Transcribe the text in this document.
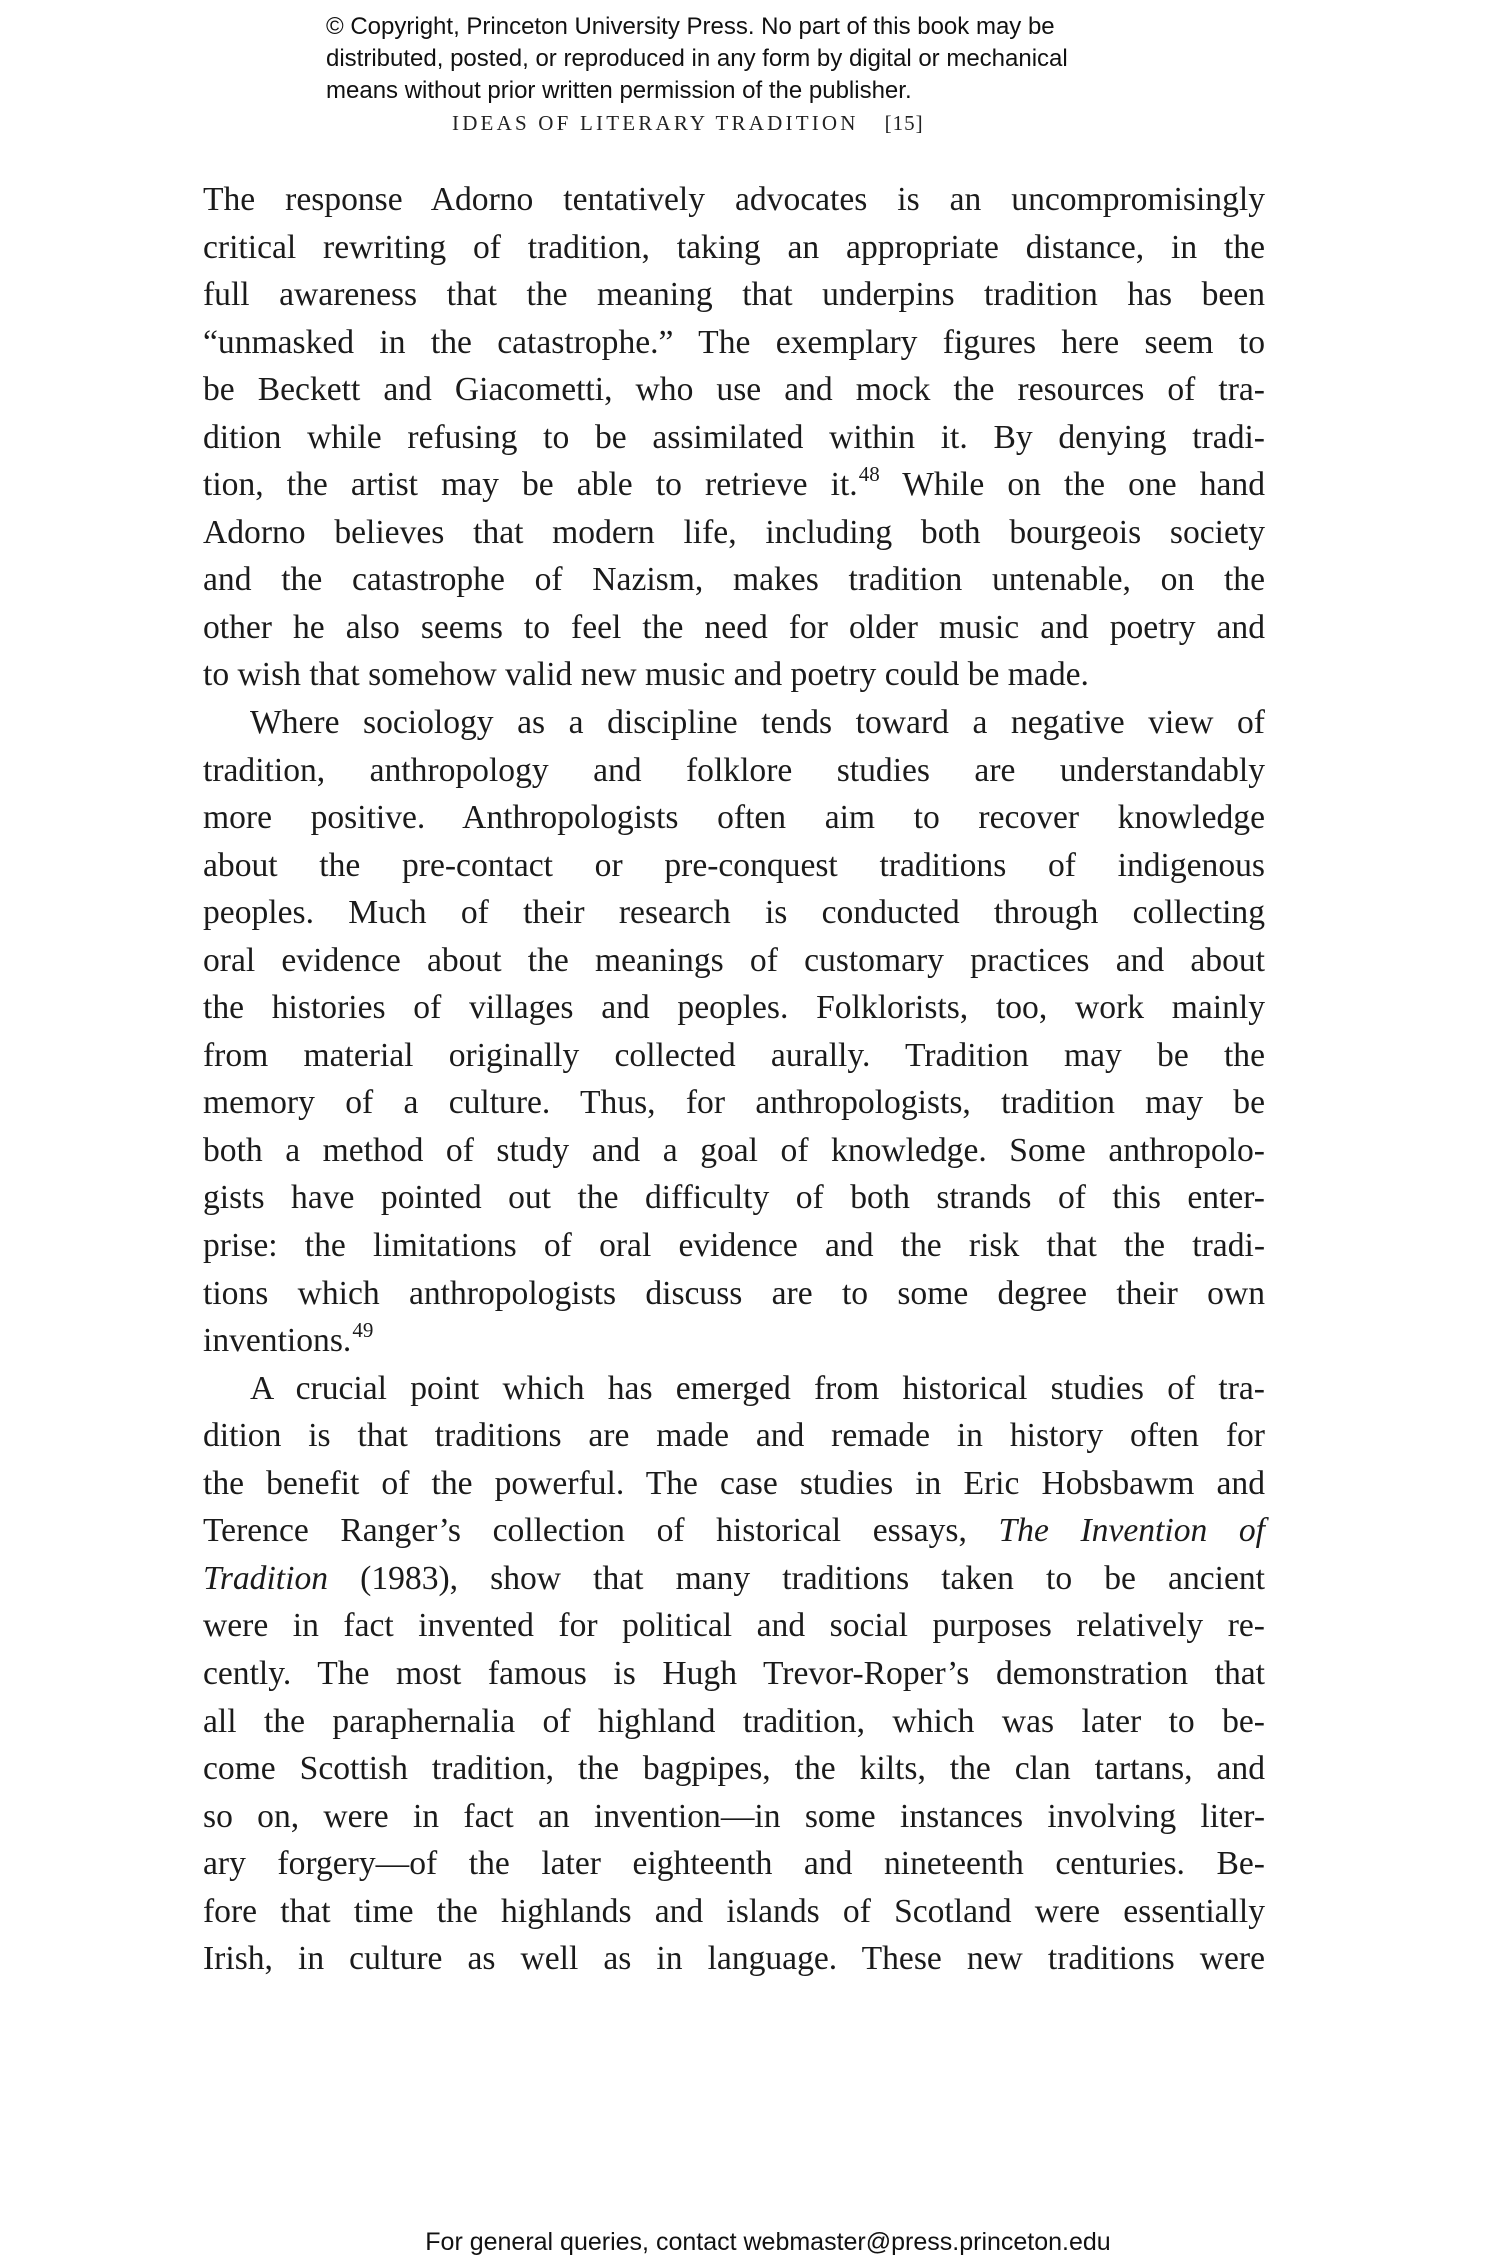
© Copyright, Princeton University Press. No part of this book may be
distributed, posted, or reproduced in any form by digital or mechanical
means without prior written permission of the publisher.
IDEAS OF LITERARY TRADITION [15]
The response Adorno tentatively advocates is an uncompromisingly
critical rewriting of tradition, taking an appropriate distance, in the
full awareness that the meaning that underpins tradition has been
“unmasked in the catastrophe.” The exemplary figures here seem to
be Beckett and Giacometti, who use and mock the resources of tra-
dition while refusing to be assimilated within it. By denying tradi-
tion, the artist may be able to retrieve it.$^{48}$ While on the one hand
Adorno believes that modern life, including both bourgeois society
and the catastrophe of Nazism, makes tradition untenable, on the
other he also seems to feel the need for older music and poetry and
to wish that somehow valid new music and poetry could be made.
Where sociology as a discipline tends toward a negative view of
tradition, anthropology and folklore studies are understandably
more positive. Anthropologists often aim to recover knowledge
about the pre-contact or pre-conquest traditions of indigenous
peoples. Much of their research is conducted through collecting
oral evidence about the meanings of customary practices and about
the histories of villages and peoples. Folklorists, too, work mainly
from material originally collected aurally. Tradition may be the
memory of a culture. Thus, for anthropologists, tradition may be
both a method of study and a goal of knowledge. Some anthropolo-
gists have pointed out the difficulty of both strands of this enter-
prise: the limitations of oral evidence and the risk that the tradi-
tions which anthropologists discuss are to some degree their own
inventions.$^{49}$
A crucial point which has emerged from historical studies of tra-
dition is that traditions are made and remade in history often for
the benefit of the powerful. The case studies in Eric Hobsbawm and
Terence Ranger’s collection of historical essays, The Invention of
Tradition (1983), show that many traditions taken to be ancient
were in fact invented for political and social purposes relatively re-
cently. The most famous is Hugh Trevor-Roper’s demonstration that
all the paraphernalia of highland tradition, which was later to be-
come Scottish tradition, the bagpipes, the kilts, the clan tartans, and
so on, were in fact an invention—in some instances involving liter-
ary forgery—of the later eighteenth and nineteenth centuries. Be-
fore that time the highlands and islands of Scotland were essentially
Irish, in culture as well as in language. These new traditions were
For general queries, contact webmaster@press.princeton.edu
